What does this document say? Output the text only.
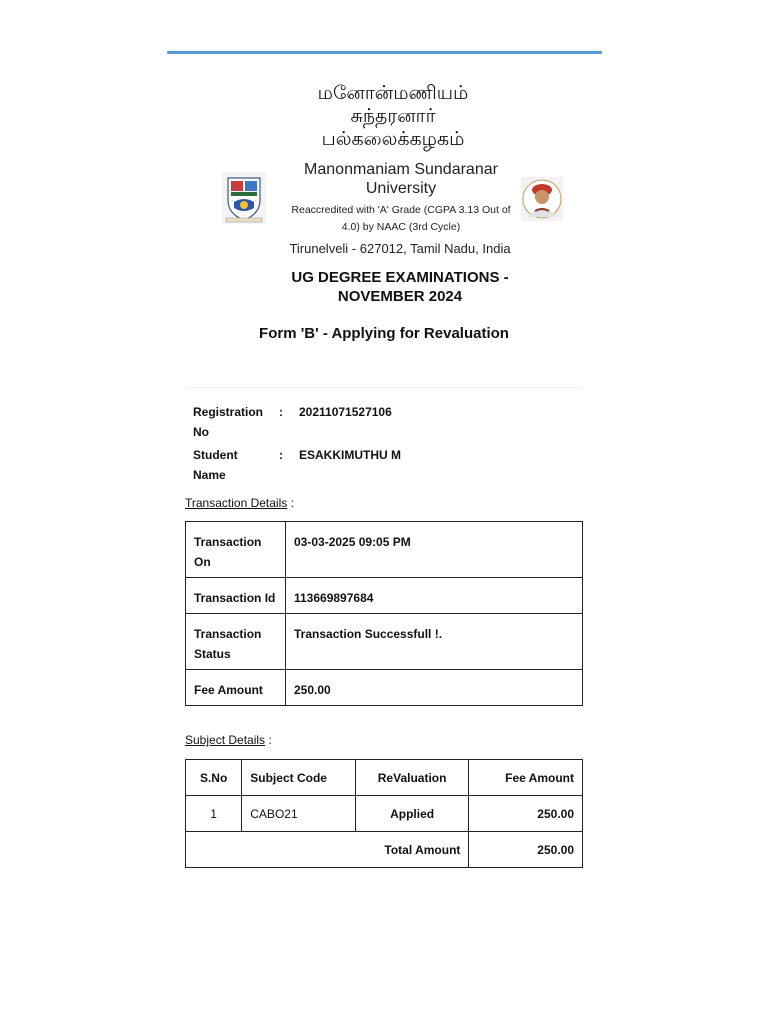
மனோன்மணியம்
சுந்தரனார்
பல்கலைக்கழகம்
Manonmaniam Sundaranar University
Reaccredited with 'A' Grade (CGPA 3.13 Out of 4.0) by NAAC (3rd Cycle)
Tirunelveli - 627012, Tamil Nadu, India
UG DEGREE EXAMINATIONS - NOVEMBER 2024
Form 'B' - Applying for Revaluation
Registration No
: 20211071527106
Student Name
: ESAKKIMUTHU M
Transaction Details :
Transaction On	03-03-2025 09:05 PM
Transaction Id	113669897684
Transaction Status	Transaction Successfull !.
Fee Amount	250.00
Subject Details :
S.No	Subject Code	ReValuation	Fee Amount
1	CABO21	Applied	250.00
Total Amount			250.00
